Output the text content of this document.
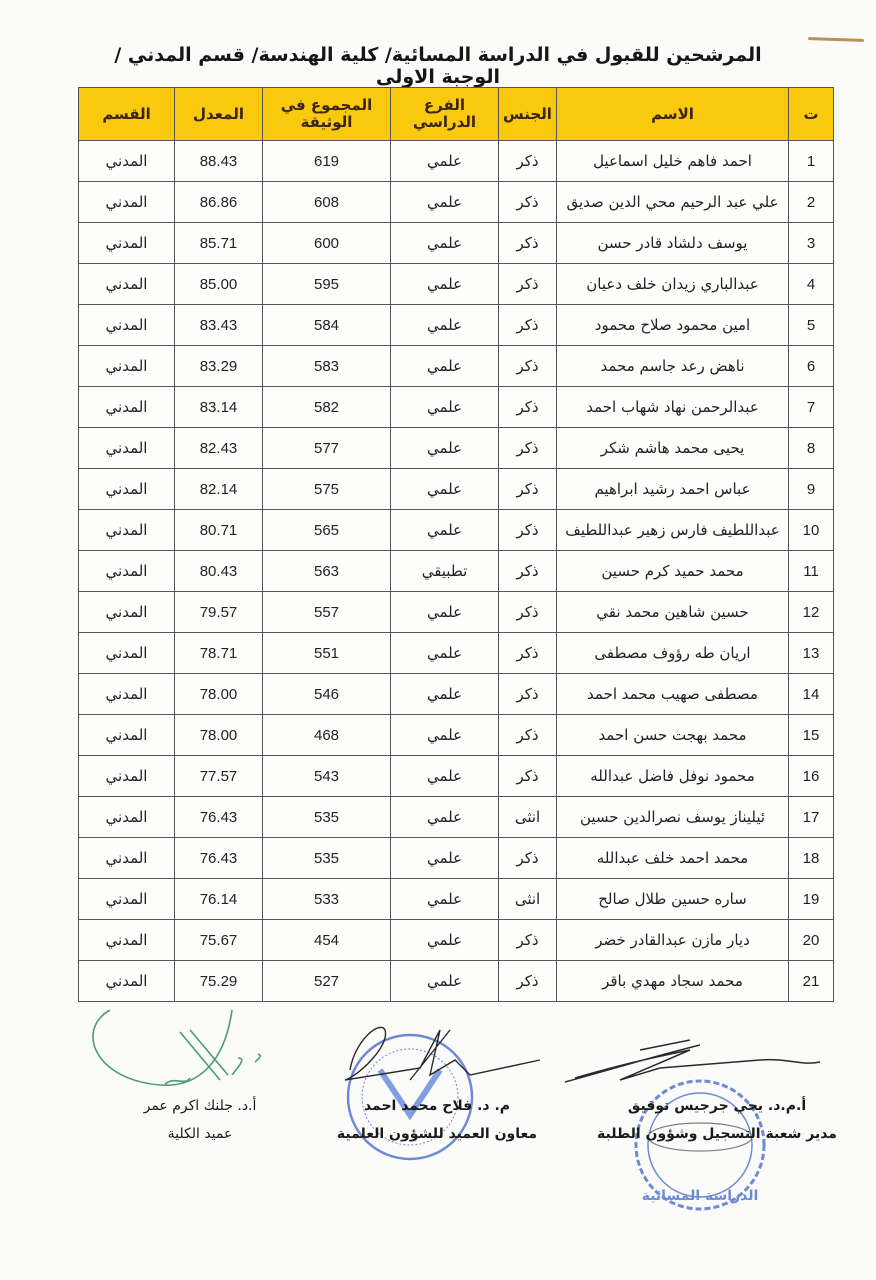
المرشحين للقبول في الدراسة المسائية/ كلية الهندسة/ قسم المدني / الوجبة الاولى
ت	الاسم	الجنس	الفرع الدراسي	المجموع في الوثيقة	المعدل	القسم
1	احمد فاهم خليل اسماعيل	ذكر	علمي	619	88.43	المدني
2	علي عبد الرحيم محي الدين صديق	ذكر	علمي	608	86.86	المدني
3	يوسف دلشاد قادر حسن	ذكر	علمي	600	85.71	المدني
4	عبدالباري زيدان خلف دعيان	ذكر	علمي	595	85.00	المدني
5	امين محمود صلاح محمود	ذكر	علمي	584	83.43	المدني
6	ناهض رعد جاسم محمد	ذكر	علمي	583	83.29	المدني
7	عبدالرحمن نهاد شهاب احمد	ذكر	علمي	582	83.14	المدني
8	يحيى محمد هاشم شكر	ذكر	علمي	577	82.43	المدني
9	عباس احمد رشيد ابراهيم	ذكر	علمي	575	82.14	المدني
10	عبداللطيف فارس زهير عبداللطيف	ذكر	علمي	565	80.71	المدني
11	محمد حميد كرم حسين	ذكر	تطبيقي	563	80.43	المدني
12	حسين شاهين محمد نقي	ذكر	علمي	557	79.57	المدني
13	اريان طه رؤوف مصطفى	ذكر	علمي	551	78.71	المدني
14	مصطفى صهيب محمد احمد	ذكر	علمي	546	78.00	المدني
15	محمد بهجت حسن احمد	ذكر	علمي	468	78.00	المدني
16	محمود نوفل فاضل عبدالله	ذكر	علمي	543	77.57	المدني
17	ئيليناز يوسف نصرالدين حسين	انثى	علمي	535	76.43	المدني
18	محمد احمد خلف عبدالله	ذكر	علمي	535	76.43	المدني
19	ساره حسين طلال صالح	انثى	علمي	533	76.14	المدني
20	ديار مازن عبدالقادر خضر	ذكر	علمي	454	75.67	المدني
21	محمد سجاد مهدي باقر	ذكر	علمي	527	75.29	المدني
الدراسة المسائية
أ.م.د. يحي جرجيس توفيق
مدير شعبة التسجيل وشؤون الطلبة
م. د. فلاح محمد احمد
معاون العميد للشؤون العلمية
أ.د. جلنك اكرم عمر
عميد الكلية
